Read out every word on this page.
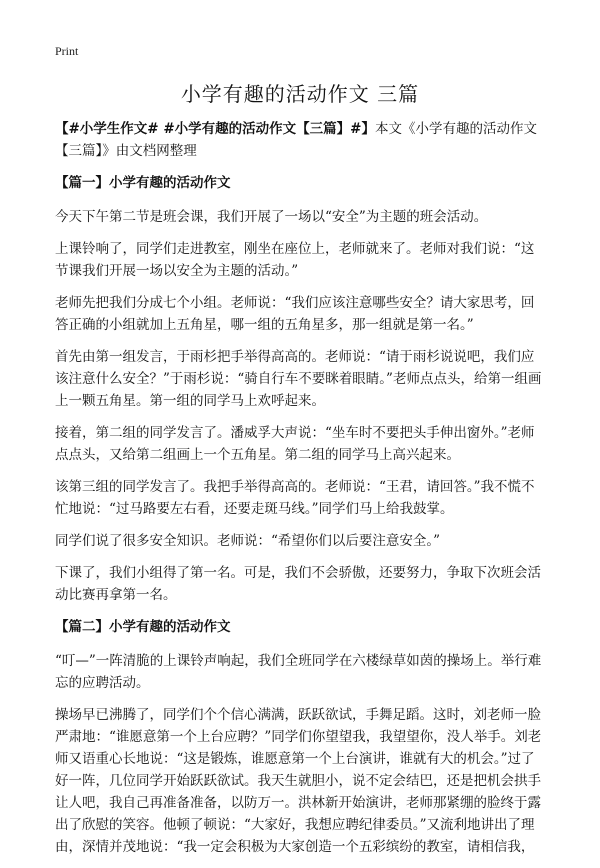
Print
小学有趣的活动作文 三篇

【#小学生作文# #小学有趣的活动作文【三篇】#】本文《小学有趣的活动作文【三篇】》由文档网整理

【篇一】小学有趣的活动作文

今天下午第二节是班会课，我们开展了一场以“安全”为主题的班会活动。

上课铃响了，同学们走进教室，刚坐在座位上，老师就来了。老师对我们说：“这节课我们开展一场以安全为主题的活动。”

老师先把我们分成七个小组。老师说：“我们应该注意哪些安全？请大家思考，回答正确的小组就加上五角星，哪一组的五角星多，那一组就是第一名。”

首先由第一组发言，于雨杉把手举得高高的。老师说：“请于雨杉说说吧，我们应该注意什么安全？”于雨杉说：“骑自行车不要眯着眼睛。”老师点点头，给第一组画上一颗五角星。第一组的同学马上欢呼起来。

接着，第二组的同学发言了。潘威孚大声说：“坐车时不要把头手伸出窗外。”老师点点头，又给第二组画上一个五角星。第二组的同学马上高兴起来。

该第三组的同学发言了。我把手举得高高的。老师说：“王君，请回答。”我不慌不忙地说：“过马路要左右看，还要走斑马线。”同学们马上给我鼓掌。

同学们说了很多安全知识。老师说：“希望你们以后要注意安全。”

下课了，我们小组得了第一名。可是，我们不会骄傲，还要努力，争取下次班会活动比赛再拿第一名。

【篇二】小学有趣的活动作文

“叮—”一阵清脆的上课铃声响起，我们全班同学在六楼绿草如茵的操场上。举行难忘的应聘活动。

操场早已沸腾了，同学们个个信心满满，跃跃欲试，手舞足蹈。这时，刘老师一脸严肃地：“谁愿意第一个上台应聘？”同学们你望望我，我望望你，没人举手。刘老师又语重心长地说：“这是锻炼，谁愿意第一个上台演讲，谁就有大的机会。”过了好一阵，几位同学开始跃跃欲试。我天生就胆小，说不定会结巴，还是把机会拱手让人吧，我自己再准备准备，以防万一。洪林新开始演讲，老师那紧绷的脸终于露出了欣慰的笑容。他顿了顿说：“大家好，我想应聘纪律委员。”又流利地讲出了理由，深情并茂地说：“我一定会积极为大家创造一个五彩缤纷的教室，请相信我，
